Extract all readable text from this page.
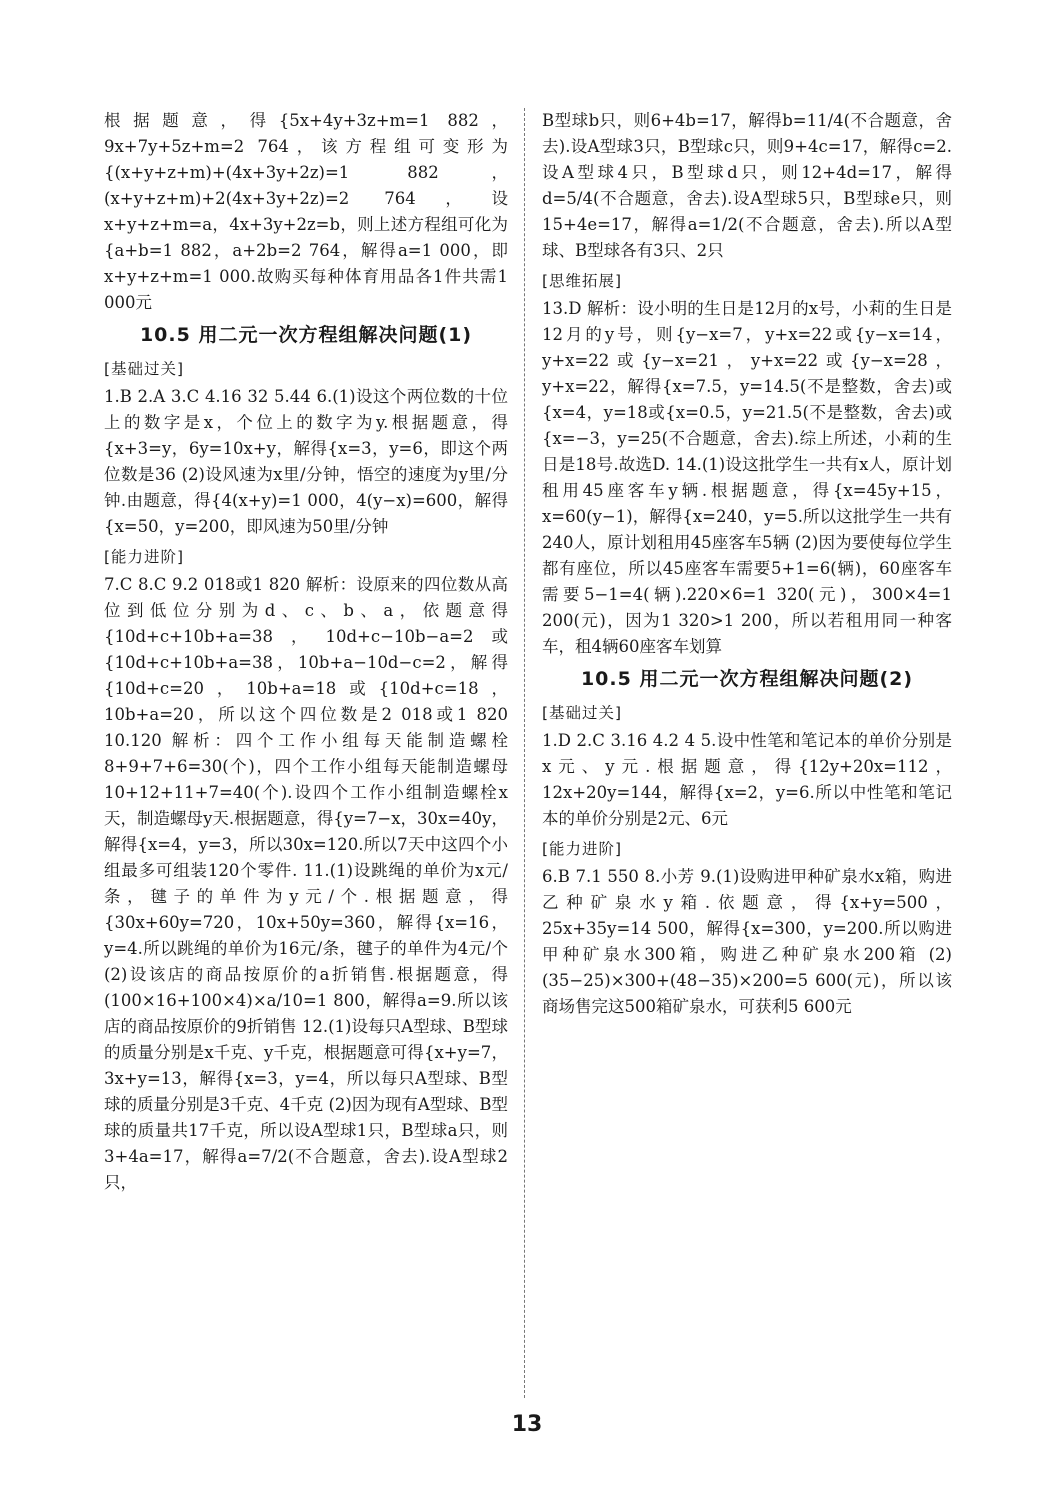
根据题意，得{5x+4y+3z+m=1 882，9x+7y+5z+m=2 764，该方程组可变形为{(x+y+z+m)+(4x+3y+2z)=1 882，(x+y+z+m)+2(4x+3y+2z)=2 764，设x+y+z+m=a，4x+3y+2z=b，则上述方程组可化为{a+b=1 882，a+2b=2 764，解得a=1 000，即x+y+z+m=1 000.故购买每种体育用品各1件共需1 000元
10.5 用二元一次方程组解决问题(1)
[基础过关]
1.B 2.A 3.C 4.16 32 5.44 6.(1)设这个两位数的十位上的数字是x，个位上的数字为y.根据题意，得{x+3=y，6y=10x+y，解得{x=3，y=6，即这个两位数是36 (2)设风速为x里/分钟，悟空的速度为y里/分钟.由题意，得{4(x+y)=1 000，4(y−x)=600，解得{x=50，y=200，即风速为50里/分钟
[能力进阶]
7.C 8.C 9.2 018或1 820 解析：设原来的四位数从高位到低位分别为d、c、b、a，依题意得{10d+c+10b+a=38，10d+c−10b−a=2或{10d+c+10b+a=38，10b+a−10d−c=2，解得{10d+c=20，10b+a=18或{10d+c=18，10b+a=20，所以这个四位数是2 018或1 820 10.120 解析：四个工作小组每天能制造螺栓8+9+7+6=30(个)，四个工作小组每天能制造螺母10+12+11+7=40(个).设四个工作小组制造螺栓x天，制造螺母y天.根据题意，得{y=7−x，30x=40y，解得{x=4，y=3，所以30x=120.所以7天中这四个小组最多可组装120个零件. 11.(1)设跳绳的单价为x元/条，毽子的单件为y元/个.根据题意，得{30x+60y=720，10x+50y=360，解得{x=16，y=4.所以跳绳的单价为16元/条，毽子的单件为4元/个 (2)设该店的商品按原价的a折销售.根据题意，得(100×16+100×4)×a/10=1 800，解得a=9.所以该店的商品按原价的9折销售 12.(1)设每只A型球、B型球的质量分别是x千克、y千克，根据题意可得{x+y=7，3x+y=13，解得{x=3，y=4，所以每只A型球、B型球的质量分别是3千克、4千克 (2)因为现有A型球、B型球的质量共17千克，所以设A型球1只，B型球a只，则3+4a=17，解得a=7/2(不合题意，舍去).设A型球2只，
B型球b只，则6+4b=17，解得b=11/4(不合题意，舍去).设A型球3只，B型球c只，则9+4c=17，解得c=2.设A型球4只，B型球d只，则12+4d=17，解得d=5/4(不合题意，舍去).设A型球5只，B型球e只，则15+4e=17，解得a=1/2(不合题意，舍去).所以A型球、B型球各有3只、2只
[思维拓展]
13.D 解析：设小明的生日是12月的x号，小莉的生日是12月的y号，则{y−x=7，y+x=22或{y−x=14，y+x=22或{y−x=21，y+x=22或{y−x=28，y+x=22，解得{x=7.5，y=14.5(不是整数，舍去)或{x=4，y=18或{x=0.5，y=21.5(不是整数，舍去)或{x=−3，y=25(不合题意，舍去).综上所述，小莉的生日是18号.故选D. 14.(1)设这批学生一共有x人，原计划租用45座客车y辆.根据题意，得{x=45y+15，x=60(y−1)，解得{x=240，y=5.所以这批学生一共有240人，原计划租用45座客车5辆 (2)因为要使每位学生都有座位，所以45座客车需要5+1=6(辆)，60座客车需要5−1=4(辆).220×6=1 320(元)，300×4=1 200(元)，因为1 320>1 200，所以若租用同一种客车，租4辆60座客车划算
10.5 用二元一次方程组解决问题(2)
[基础过关]
1.D 2.C 3.16 4.2 4 5.设中性笔和笔记本的单价分别是x元、y元.根据题意，得{12y+20x=112，12x+20y=144，解得{x=2，y=6.所以中性笔和笔记本的单价分别是2元、6元
[能力进阶]
6.B 7.1 550 8.小芳 9.(1)设购进甲种矿泉水x箱，购进乙种矿泉水y箱.依题意，得{x+y=500，25x+35y=14 500，解得{x=300，y=200.所以购进甲种矿泉水300箱，购进乙种矿泉水200箱 (2)(35−25)×300+(48−35)×200=5 600(元)，所以该商场售完这500箱矿泉水，可获利5 600元
13
